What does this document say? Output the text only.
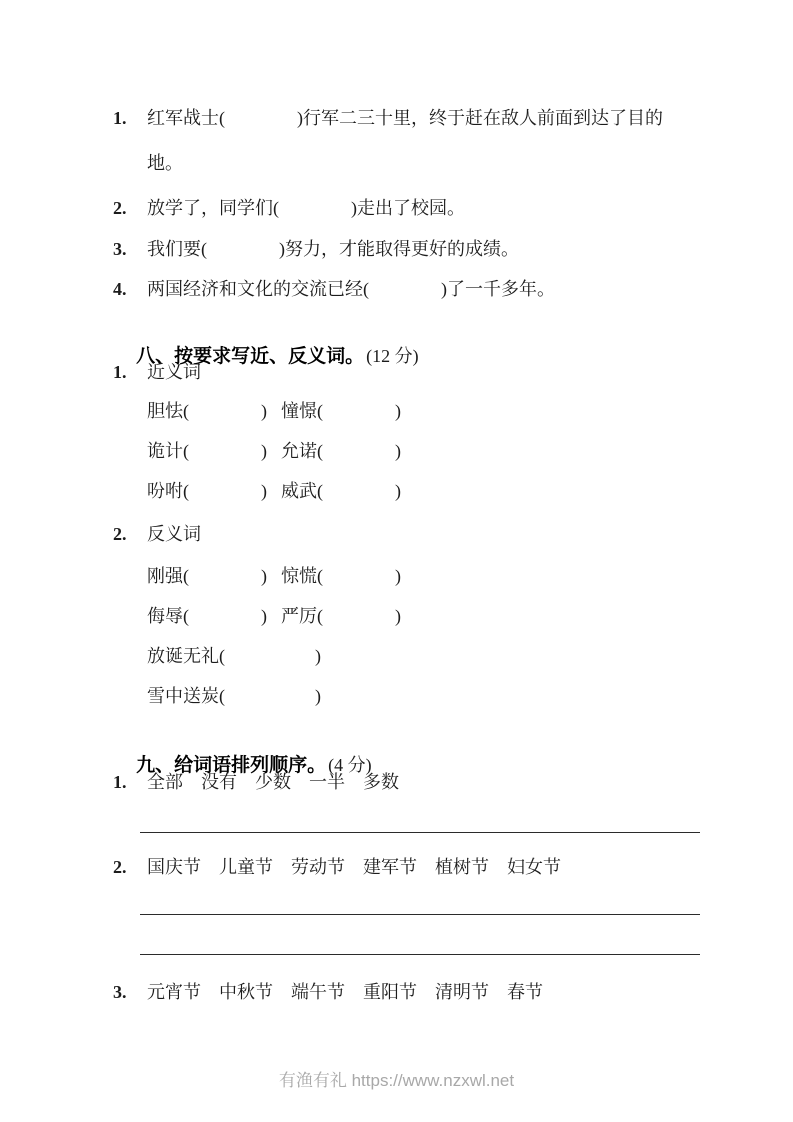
1.	红军战士(　　　　)行军二三十里，终于赶在敌人前面到达了目的
地。
2.	放学了，同学们(　　　　)走出了校园。
3.	我们要(　　　　)努力，才能取得更好的成绩。
4.	两国经济和文化的交流已经(　　　　)了一千多年。

八、按要求写近、反义词。 (12 分)

1.	近义词
胆怯(　　　　) 憧憬(　　　　)
诡计(　　　　) 允诺(　　　　)
吩咐(　　　　) 威武(　　　　)
2.	反义词
刚强(　　　　) 惊慌(　　　　)
侮辱(　　　　) 严厉(　　　　)
放诞无礼(　　　　　)
雪中送炭(　　　　　)

九、给词语排列顺序。 (4 分)

1.	全部　没有　少数　一半　多数
2.	国庆节　儿童节　劳动节　建军节　植树节　妇女节
3.	元宵节　中秋节　端午节　重阳节　清明节　春节
有渔有礼 https://www.nzxwl.net
